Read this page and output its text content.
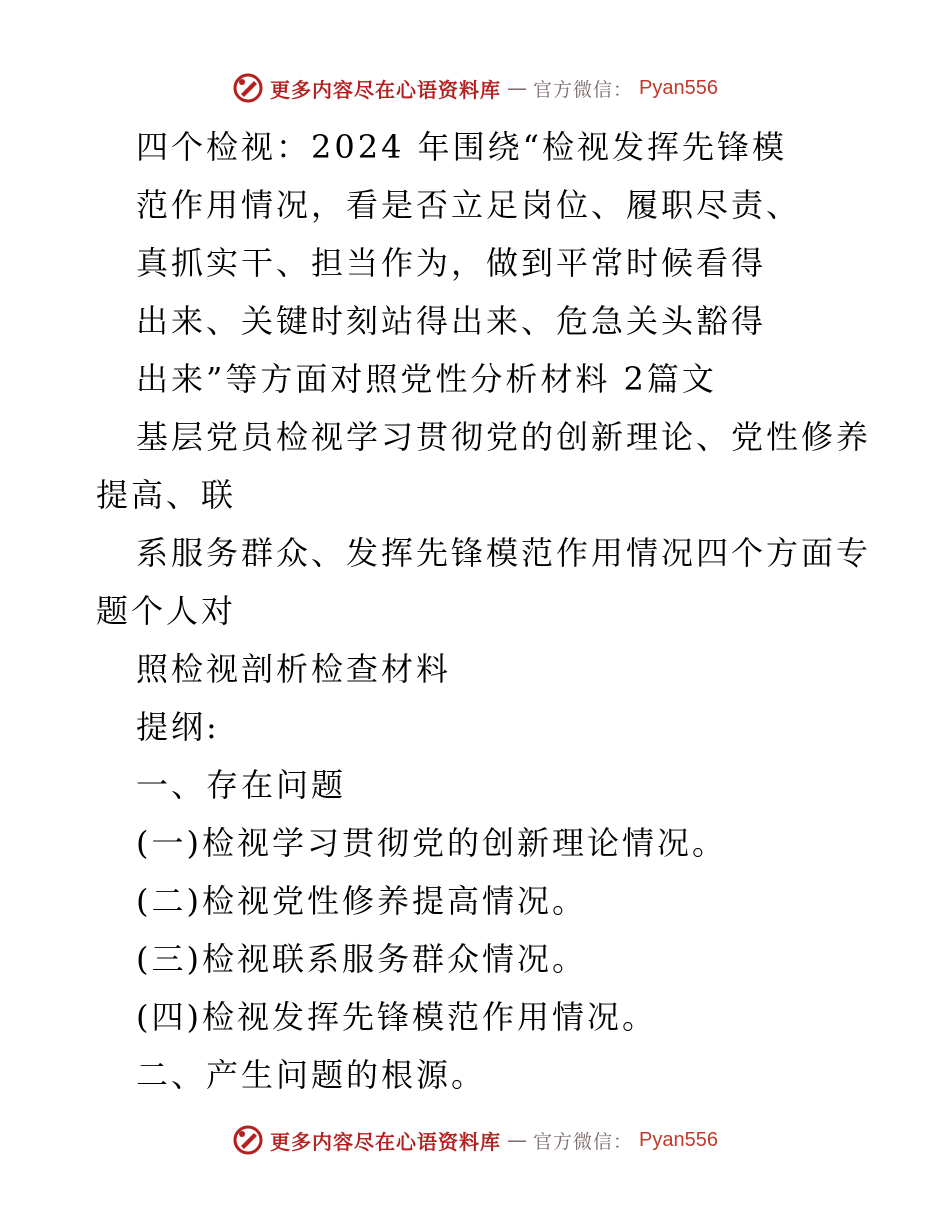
更多内容尽在心语资料库 — 官方微信： Pyan556
四个检视：2024 年围绕“检视发挥先锋模
范作用情况，看是否立足岗位、履职尽责、
真抓实干、担当作为，做到平常时候看得
出来、关键时刻站得出来、危急关头豁得
出来”等方面对照党性分析材料 2篇文
基层党员检视学习贯彻党的创新理论、党性修养
提高、联
系服务群众、发挥先锋模范作用情况四个方面专
题个人对
照检视剖析检查材料
提纲:
一、存在问题
(一)检视学习贯彻党的创新理论情况。
(二)检视党性修养提高情况。
(三)检视联系服务群众情况。
(四)检视发挥先锋模范作用情况。
二、产生问题的根源。
更多内容尽在心语资料库 — 官方微信： Pyan556
